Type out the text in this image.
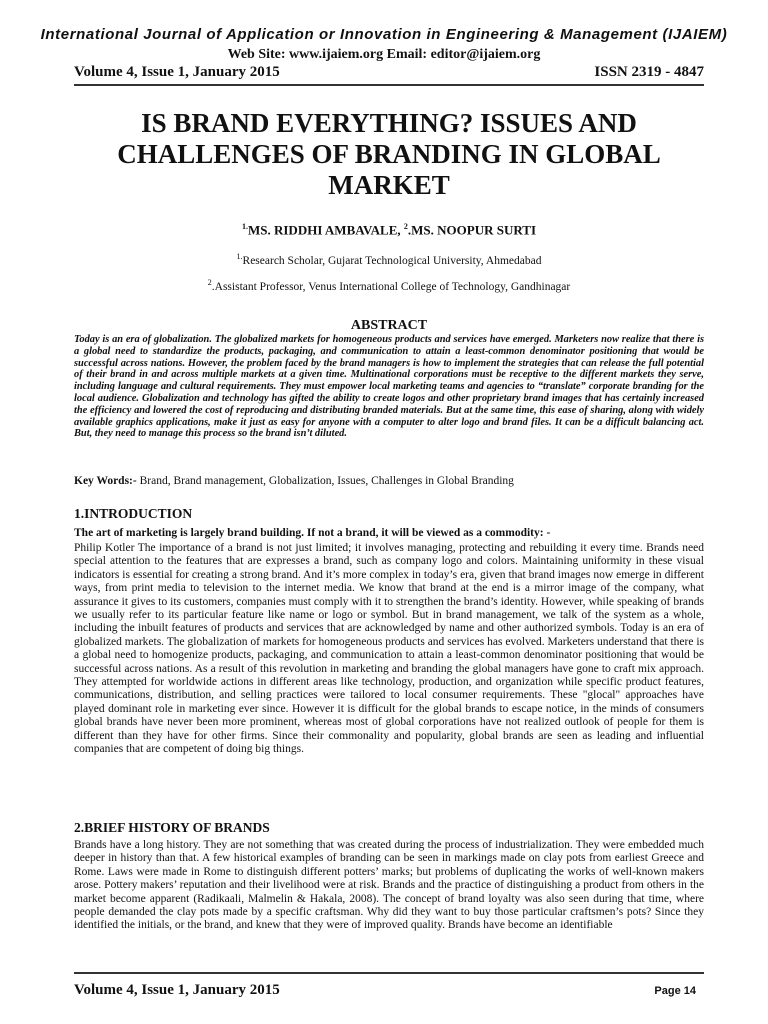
International Journal of Application or Innovation in Engineering & Management (IJAIEM)
Web Site: www.ijaiem.org Email: editor@ijaiem.org
Volume 4, Issue 1, January 2015	ISSN 2319 - 4847
IS BRAND EVERYTHING? ISSUES AND CHALLENGES OF BRANDING IN GLOBAL MARKET
$^{1.}$MS. RIDDHI AMBAVALE, $^2$.MS. NOOPUR SURTI
$^{1.}$Research Scholar, Gujarat Technological University, Ahmedabad
$^2$.Assistant Professor, Venus International College of Technology, Gandhinagar
ABSTRACT

Today is an era of globalization. The globalized markets for homogeneous products and services have emerged. Marketers now realize that there is a global need to standardize the products, packaging, and communication to attain a least-common denominator positioning that would be successful across nations. However, the problem faced by the brand managers is how to implement the strategies that can release the full potential of their brand in and across multiple markets at a given time. Multinational corporations must be receptive to the different markets they serve, including language and cultural requirements. They must empower local marketing teams and agencies to “translate” corporate branding for the local audience. Globalization and technology has gifted the ability to create logos and other proprietary brand images that has certainly increased the efficiency and lowered the cost of reproducing and distributing branded materials. But at the same time, this ease of sharing, along with widely available graphics applications, make it just as easy for anyone with a computer to alter logo and brand files. It can be a difficult balancing act. But, they need to manage this process so the brand isn’t diluted.

Key Words:- Brand, Brand management, Globalization, Issues, Challenges in Global Branding
1.INTRODUCTION
The art of marketing is largely brand building. If not a brand, it will be viewed as a commodity: -

Philip Kotler The importance of a brand is not just limited; it involves managing, protecting and rebuilding it every time. Brands need special attention to the features that are expresses a brand, such as company logo and colors. Maintaining uniformity in these visual indicators is essential for creating a strong brand. And it’s more complex in today’s era, given that brand images now emerge in different ways, from print media to television to the internet media. We know that brand at the end is a mirror image of the company, what assurance it gives to its customers, companies must comply with it to strengthen the brand’s identity. However, while speaking of brands we usually refer to its particular feature like name or logo or symbol. But in brand management, we talk of the system as a whole, including the inbuilt features of products and services that are acknowledged by name and other authorized symbols. Today is an era of globalized markets. The globalization of markets for homogeneous products and services has evolved. Marketers understand that there is a global need to homogenize products, packaging, and communication to attain a least-common denominator positioning that would be successful across nations. As a result of this revolution in marketing and branding the global managers have gone to craft mix approach. They attempted for worldwide actions in different areas like technology, production, and organization while specific product features, communications, distribution, and selling practices were tailored to local consumer requirements. These "glocal" approaches have played dominant role in marketing ever since. However it is difficult for the global brands to escape notice, in the minds of consumers global brands have never been more prominent, whereas most of global corporations have not realized outlook of people for them is different than they have for other firms. Since their commonality and popularity, global brands are seen as leading and influential companies that are competent of doing big things.

2.BRIEF HISTORY OF BRANDS

Brands have a long history. They are not something that was created during the process of industrialization. They were embedded much deeper in history than that. A few historical examples of branding can be seen in markings made on clay pots from earliest Greece and Rome. Laws were made in Rome to distinguish different potters’ marks; but problems of duplicating the works of well-known makers arose. Pottery makers’ reputation and their livelihood were at risk. Brands and the practice of distinguishing a product from others in the market become apparent (Radikaali, Malmelin & Hakala, 2008). The concept of brand loyalty was also seen during that time, where people demanded the clay pots made by a specific craftsman. Why did they want to buy those particular craftsmen’s pots? Since they identified the initials, or the brand, and knew that they were of improved quality. Brands have become an identifiable

Volume 4, Issue 1, January 2015	Page 14
